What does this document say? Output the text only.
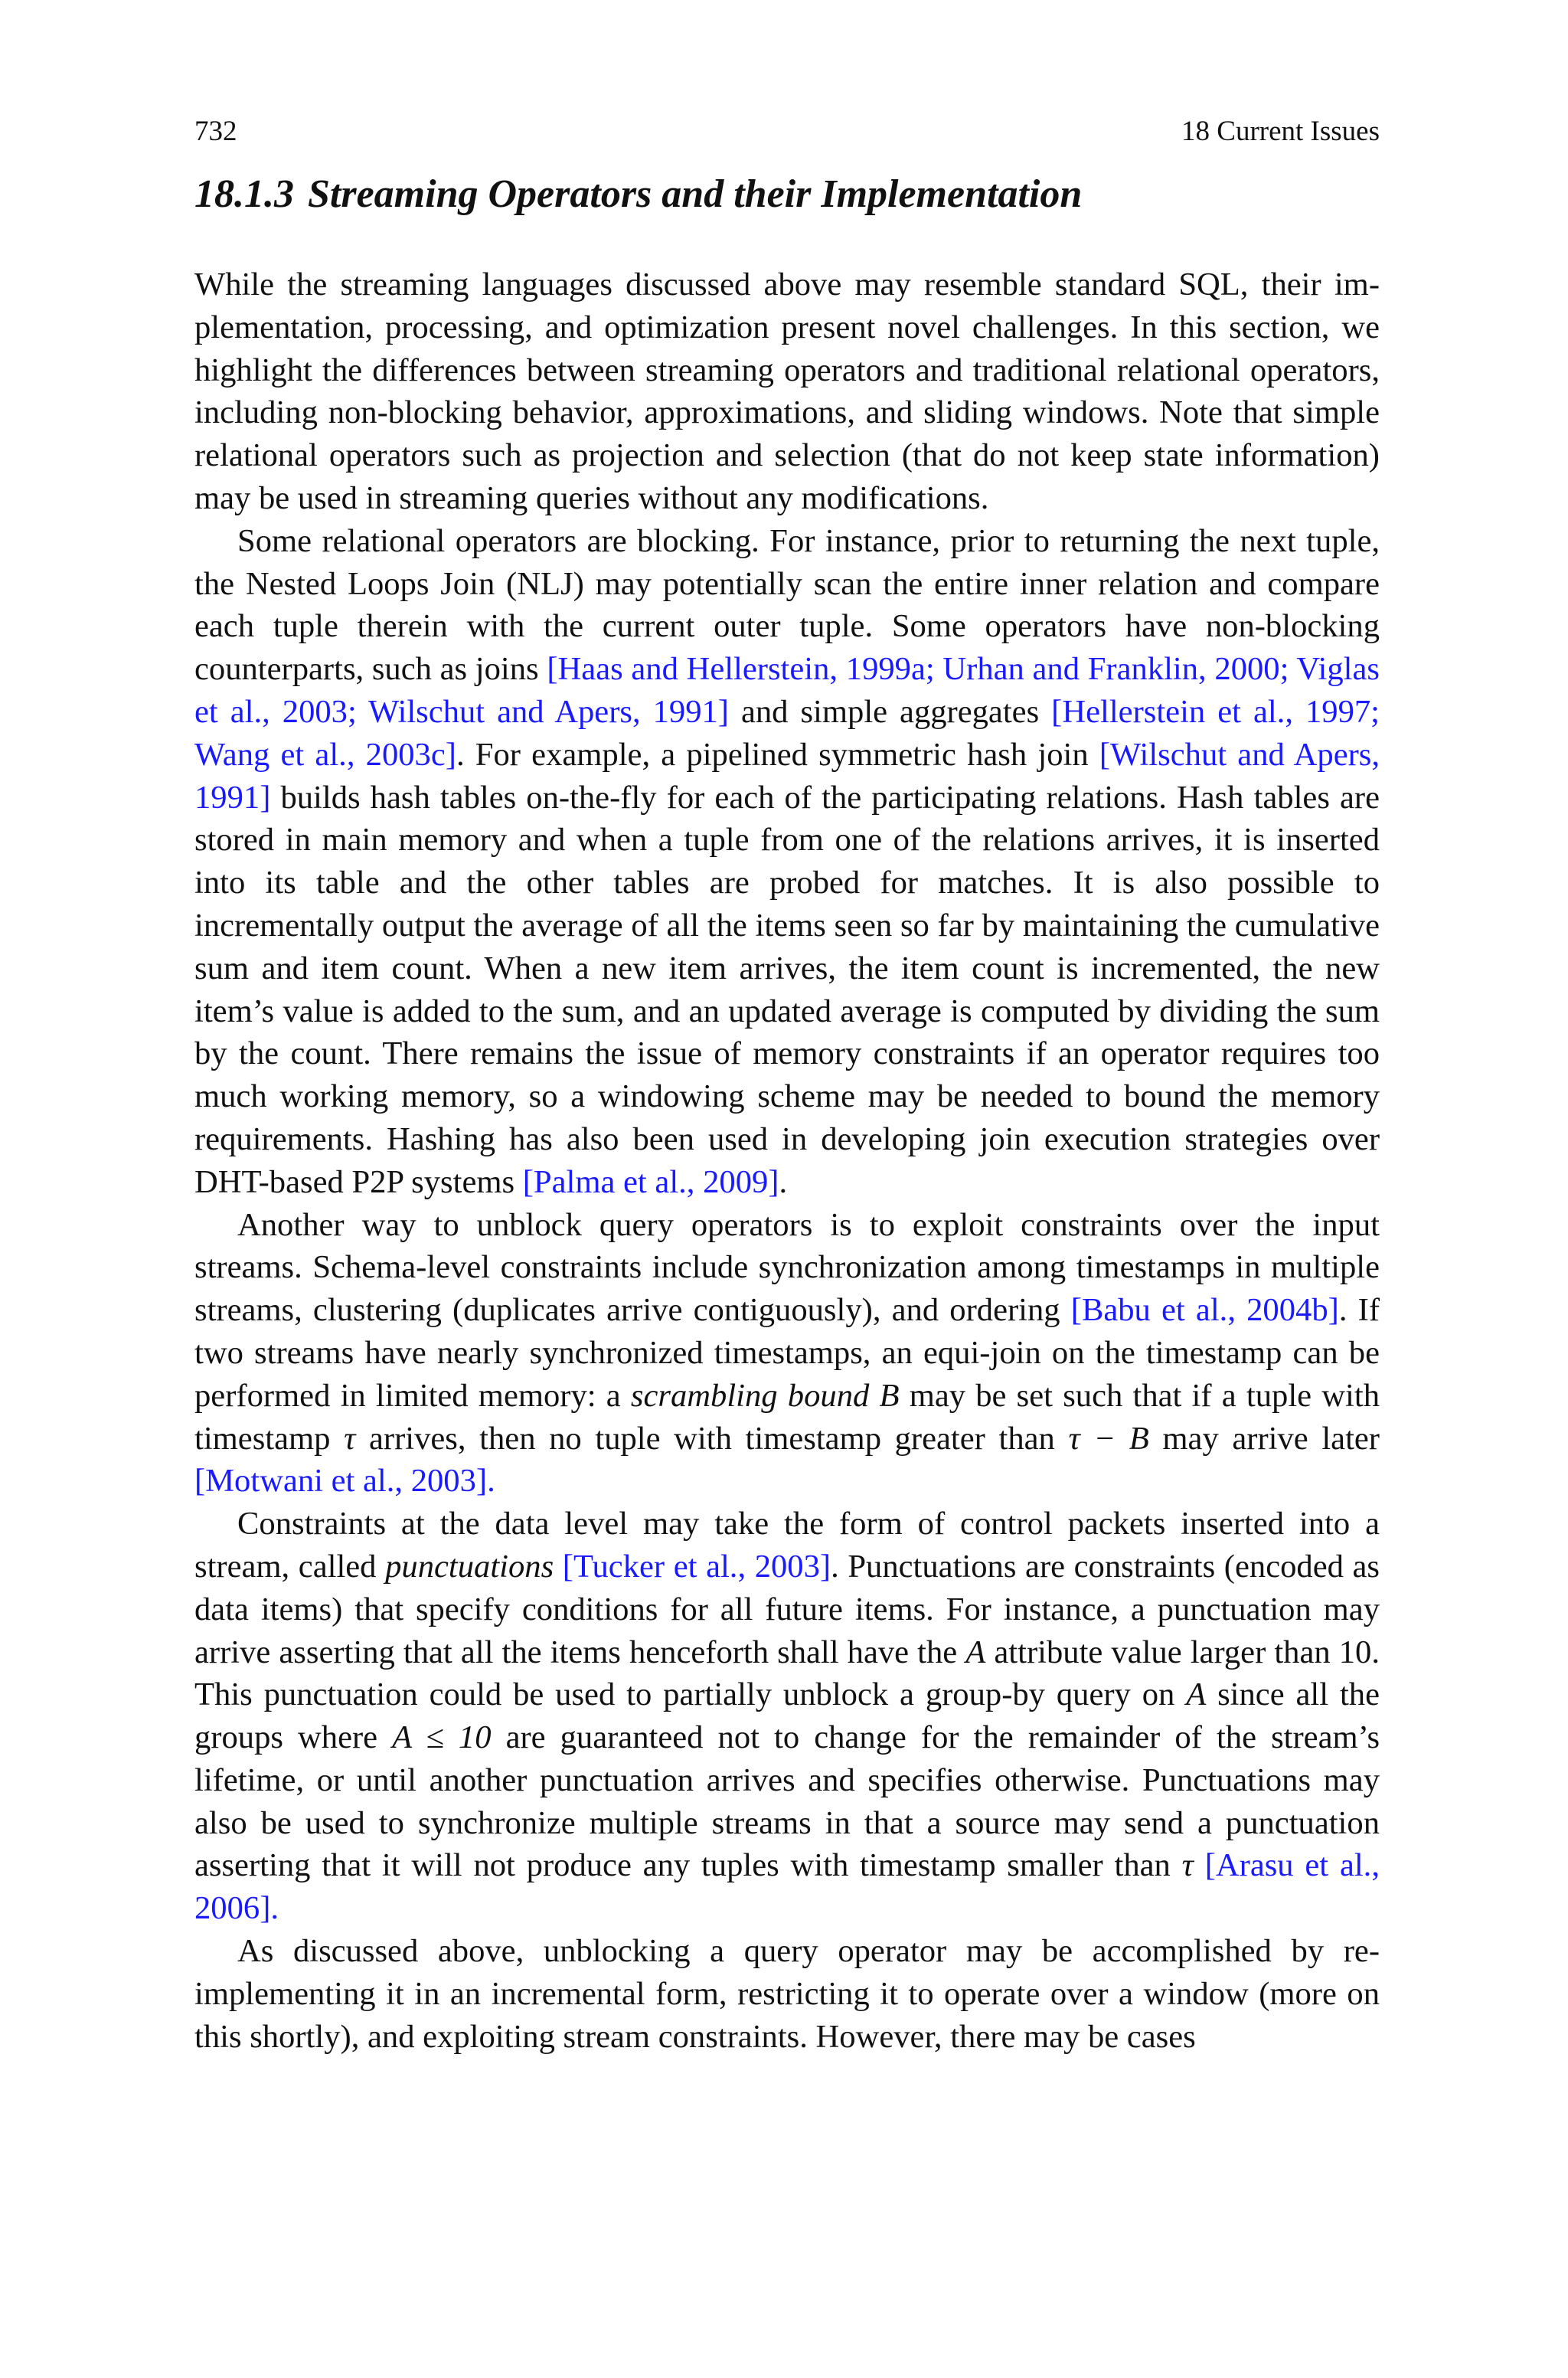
732	18 Current Issues
18.1.3 Streaming Operators and their Implementation

While the streaming languages discussed above may resemble standard SQL, their implementation, processing, and optimization present novel challenges. In this section, we highlight the differences between streaming operators and traditional relational operators, including non-blocking behavior, approximations, and sliding windows. Note that simple relational operators such as projection and selection (that do not keep state information) may be used in streaming queries without any modifications.

Some relational operators are blocking. For instance, prior to returning the next tuple, the Nested Loops Join (NLJ) may potentially scan the entire inner relation and compare each tuple therein with the current outer tuple. Some operators have non-blocking counterparts, such as joins [Haas and Hellerstein, 1999a; Urhan and Franklin, 2000; Viglas et al., 2003; Wilschut and Apers, 1991] and simple aggregates [Hellerstein et al., 1997; Wang et al., 2003c]. For example, a pipelined symmetric hash join [Wilschut and Apers, 1991] builds hash tables on-the-fly for each of the participating relations. Hash tables are stored in main memory and when a tuple from one of the relations arrives, it is inserted into its table and the other tables are probed for matches. It is also possible to incrementally output the average of all the items seen so far by maintaining the cumulative sum and item count. When a new item arrives, the item count is incremented, the new item’s value is added to the sum, and an updated average is computed by dividing the sum by the count. There remains the issue of memory constraints if an operator requires too much working memory, so a windowing scheme may be needed to bound the memory requirements. Hashing has also been used in developing join execution strategies over DHT-based P2P systems [Palma et al., 2009].

Another way to unblock query operators is to exploit constraints over the input streams. Schema-level constraints include synchronization among timestamps in multiple streams, clustering (duplicates arrive contiguously), and ordering [Babu et al., 2004b]. If two streams have nearly synchronized timestamps, an equi-join on the timestamp can be performed in limited memory: a scrambling bound B may be set such that if a tuple with timestamp τ arrives, then no tuple with timestamp greater than τ − B may arrive later [Motwani et al., 2003].

Constraints at the data level may take the form of control packets inserted into a stream, called punctuations [Tucker et al., 2003]. Punctuations are constraints (encoded as data items) that specify conditions for all future items. For instance, a punctuation may arrive asserting that all the items henceforth shall have the A attribute value larger than 10. This punctuation could be used to partially unblock a group-by query on A since all the groups where A ≤ 10 are guaranteed not to change for the remainder of the stream’s lifetime, or until another punctuation arrives and specifies otherwise. Punctuations may also be used to synchronize multiple streams in that a source may send a punctuation asserting that it will not produce any tuples with timestamp smaller than τ [Arasu et al., 2006].

As discussed above, unblocking a query operator may be accomplished by reimplementing it in an incremental form, restricting it to operate over a window (more on this shortly), and exploiting stream constraints. However, there may be cases
